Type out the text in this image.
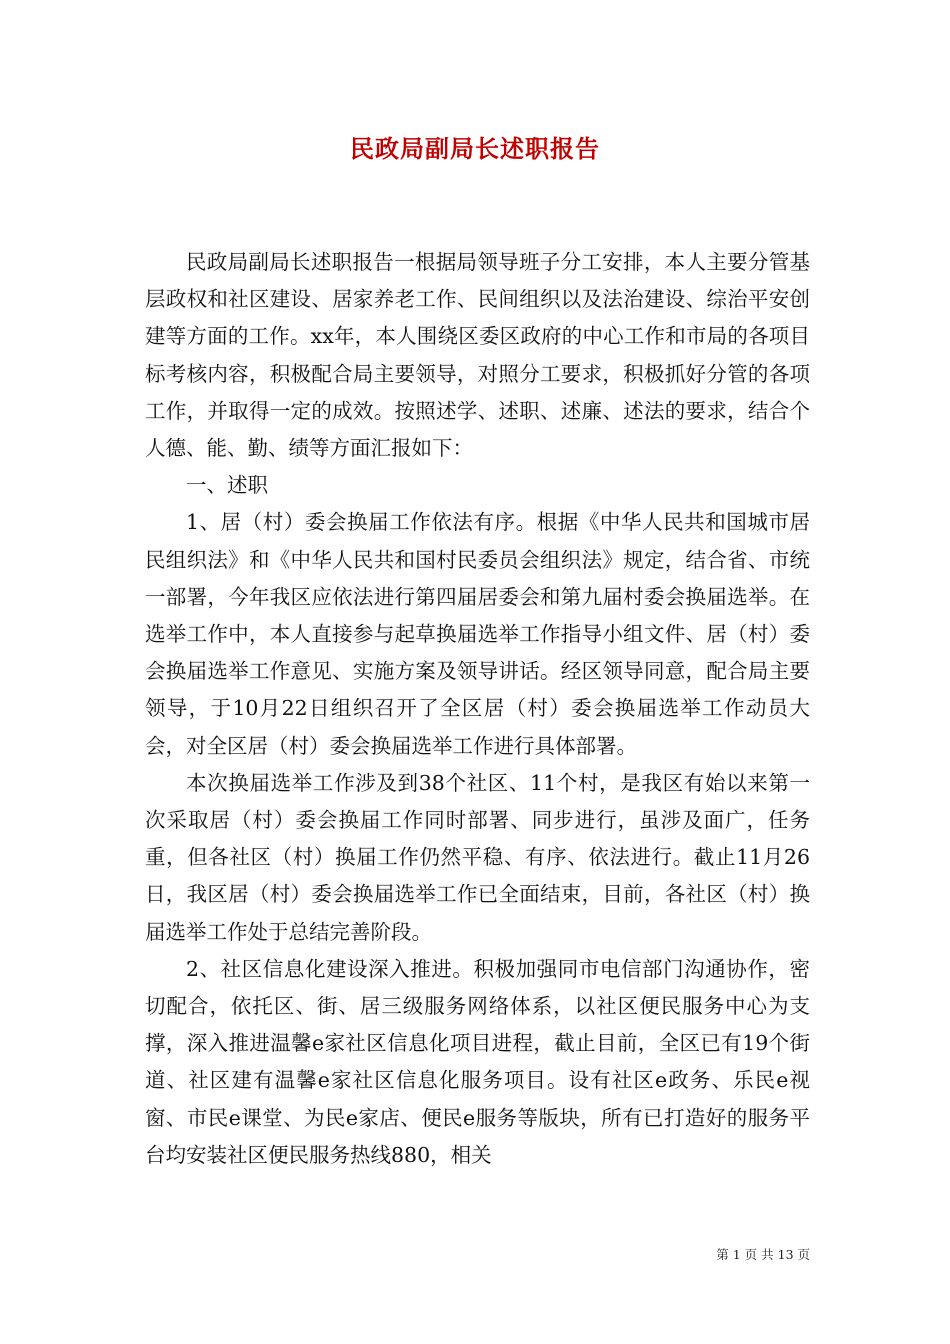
民政局副局长述职报告

民政局副局长述职报告一根据局领导班子分工安排，本人主要分管基层政权和社区建设、居家养老工作、民间组织以及法治建设、综治平安创建等方面的工作。xx年，本人围绕区委区政府的中心工作和市局的各项目标考核内容，积极配合局主要领导，对照分工要求，积极抓好分管的各项工作，并取得一定的成效。按照述学、述职、述廉、述法的要求，结合个人德、能、勤、绩等方面汇报如下：

一、述职

1、居（村）委会换届工作依法有序。根据《中华人民共和国城市居民组织法》和《中华人民共和国村民委员会组织法》规定，结合省、市统一部署，今年我区应依法进行第四届居委会和第九届村委会换届选举。在选举工作中，本人直接参与起草换届选举工作指导小组文件、居（村）委会换届选举工作意见、实施方案及领导讲话。经区领导同意，配合局主要领导，于10月22日组织召开了全区居（村）委会换届选举工作动员大会，对全区居（村）委会换届选举工作进行具体部署。

本次换届选举工作涉及到38个社区、11个村，是我区有始以来第一次采取居（村）委会换届工作同时部署、同步进行，虽涉及面广，任务重，但各社区（村）换届工作仍然平稳、有序、依法进行。截止11月26日，我区居（村）委会换届选举工作已全面结束，目前，各社区（村）换届选举工作处于总结完善阶段。

2、社区信息化建设深入推进。积极加强同市电信部门沟通协作，密切配合，依托区、街、居三级服务网络体系，以社区便民服务中心为支撑，深入推进温馨e家社区信息化项目进程，截止目前，全区已有19个街道、社区建有温馨e家社区信息化服务项目。设有社区e政务、乐民e视窗、市民e课堂、为民e家店、便民e服务等版块，所有已打造好的服务平台均安装社区便民服务热线880，相关

第 1 页 共 13 页
